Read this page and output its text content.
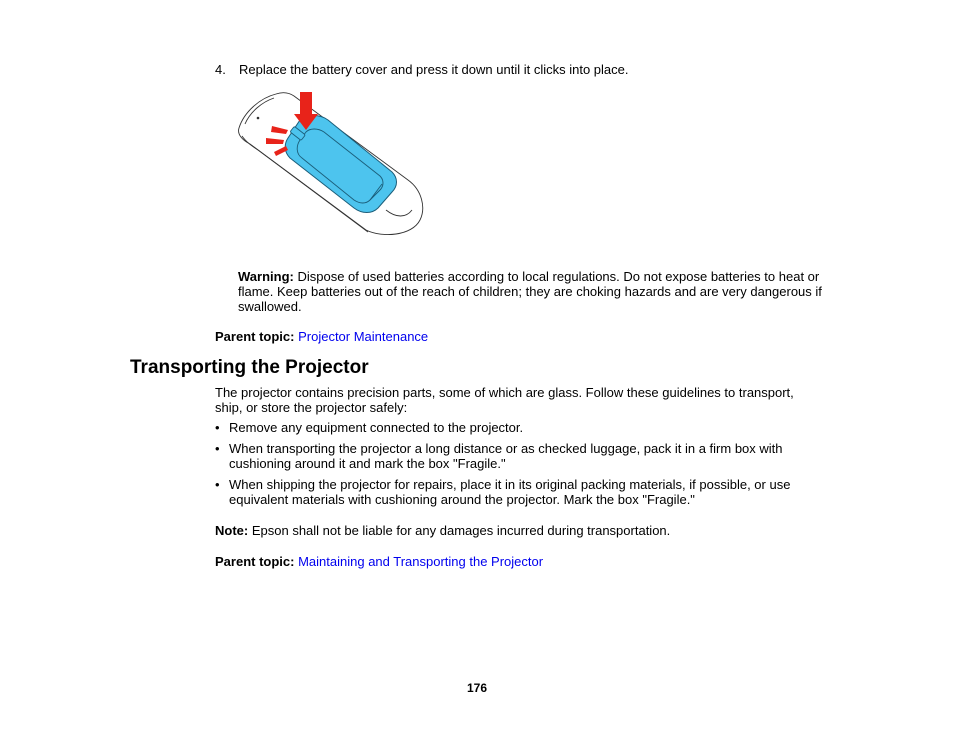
4. Replace the battery cover and press it down until it clicks into place.
Warning: Dispose of used batteries according to local regulations. Do not expose batteries to heat or flame. Keep batteries out of the reach of children; they are choking hazards and are very dangerous if swallowed.
Parent topic: Projector Maintenance
Transporting the Projector
The projector contains precision parts, some of which are glass. Follow these guidelines to transport, ship, or store the projector safely:
• Remove any equipment connected to the projector.
• When transporting the projector a long distance or as checked luggage, pack it in a firm box with cushioning around it and mark the box "Fragile."
• When shipping the projector for repairs, place it in its original packing materials, if possible, or use equivalent materials with cushioning around the projector. Mark the box "Fragile."
Note: Epson shall not be liable for any damages incurred during transportation.
Parent topic: Maintaining and Transporting the Projector
176
